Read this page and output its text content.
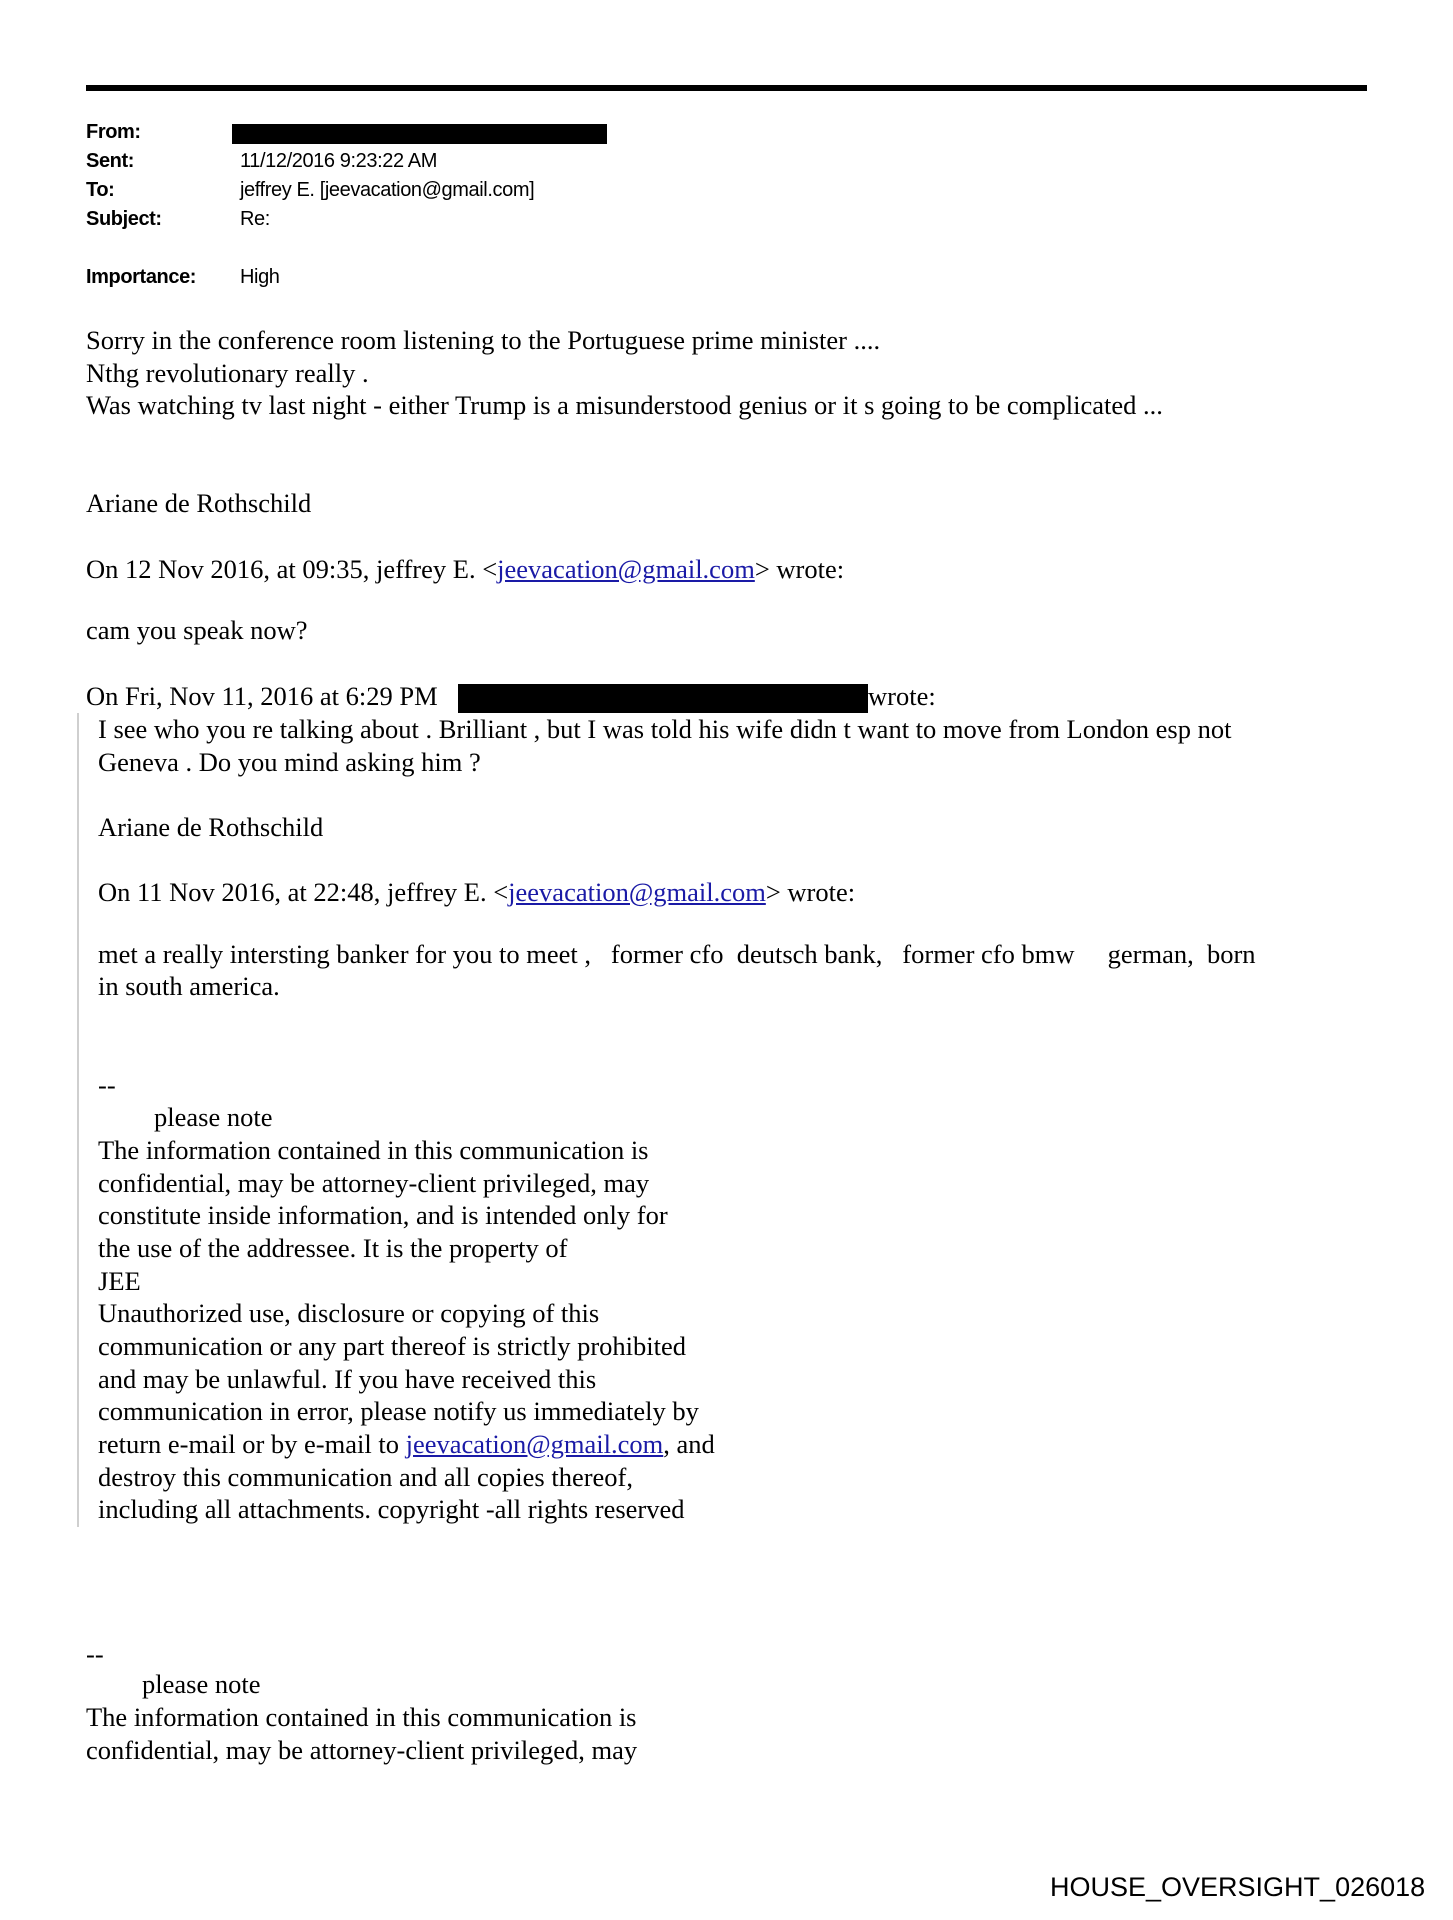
From:
Sent:	11/12/2016 9:23:22 AM
To:	jeffrey E. [jeevacation@gmail.com]
Subject:	Re:
Importance: High
Sorry in the conference room listening to the Portuguese prime minister ....
Nthg revolutionary really .
Was watching tv last night - either Trump is a misunderstood genius or it s going to be complicated ...
Ariane de Rothschild
On 12 Nov 2016, at 09:35, jeffrey E. <jeevacation@gmail.com> wrote:
cam you speak now?
On Fri, Nov 11, 2016 at 6:29 PM	wrote:
I see who you re talking about . Brilliant , but I was told his wife didn t want to move from London esp not
Geneva . Do you mind asking him ?
Ariane de Rothschild
On 11 Nov 2016, at 22:48, jeffrey E. <jeevacation@gmail.com> wrote:
met a really intersting banker for you to meet ,   former cfo  deutsch bank,   former cfo bmw     german,  born
in south america.
--
please note
The information contained in this communication is
confidential, may be attorney-client privileged, may
constitute inside information, and is intended only for
the use of the addressee. It is the property of
JEE
Unauthorized use, disclosure or copying of this
communication or any part thereof is strictly prohibited
and may be unlawful. If you have received this
communication in error, please notify us immediately by
return e-mail or by e-mail to jeevacation@gmail.com, and
destroy this communication and all copies thereof,
including all attachments. copyright -all rights reserved
--
please note
The information contained in this communication is
confidential, may be attorney-client privileged, may
HOUSE_OVERSIGHT_026018
